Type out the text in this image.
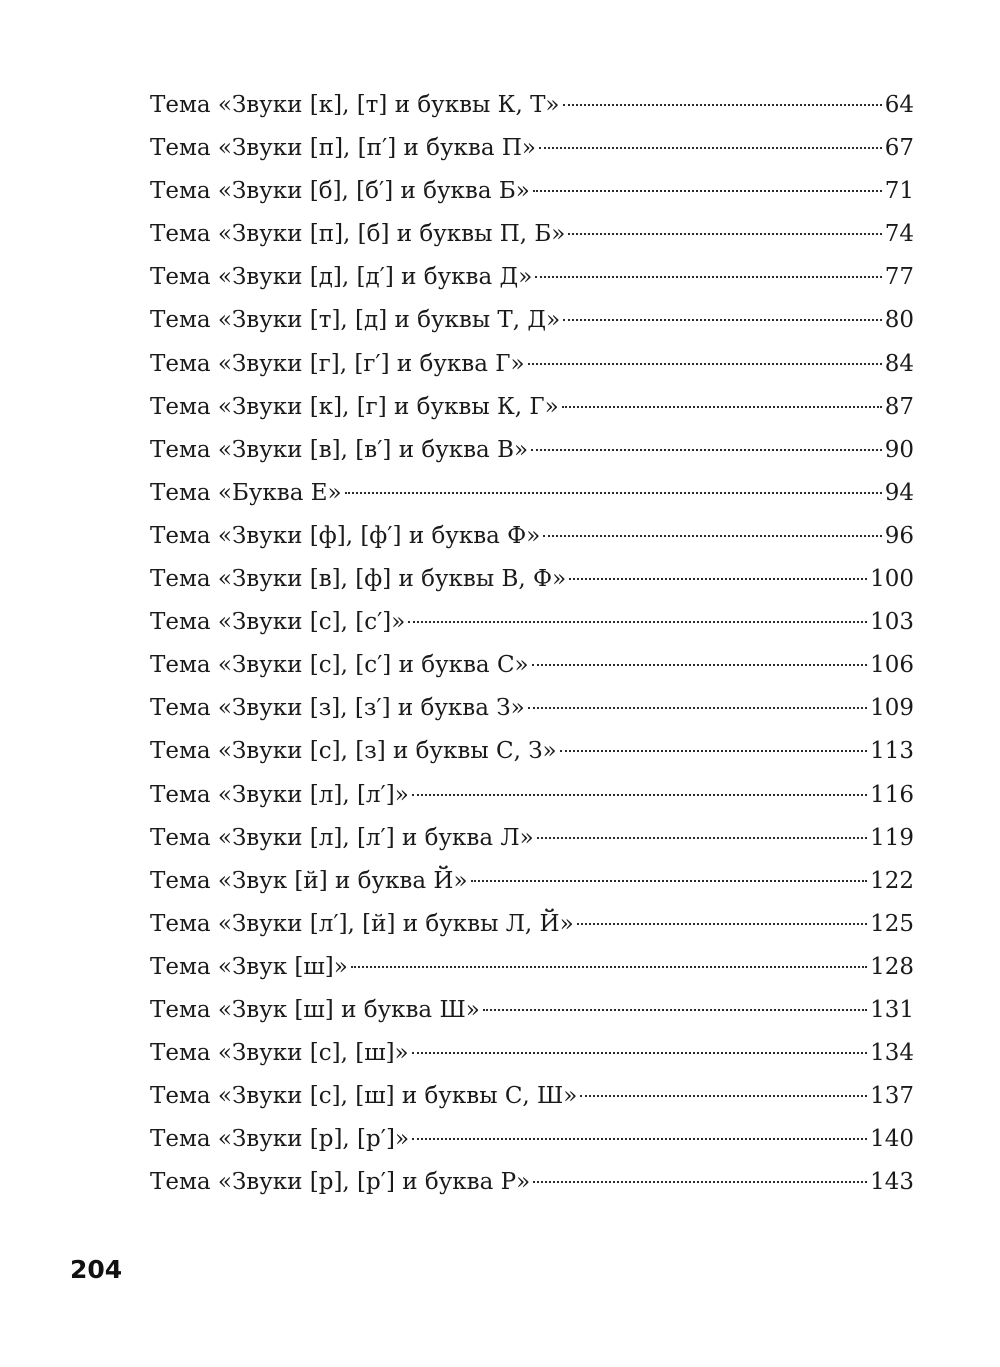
Тема «Звуки [к], [т] и буквы К, Т»	64
Тема «Звуки [п], [п′] и буква П»	67
Тема «Звуки [б], [б′] и буква Б»	71
Тема «Звуки [п], [б] и буквы П, Б»	74
Тема «Звуки [д], [д′] и буква Д»	77
Тема «Звуки [т], [д] и буквы Т, Д»	80
Тема «Звуки [г], [г′] и буква Г»	84
Тема «Звуки [к], [г] и буквы К, Г»	87
Тема «Звуки [в], [в′] и буква В»	90
Тема «Буква Е»	94
Тема «Звуки [ф], [ф′] и буква Ф»	96
Тема «Звуки [в], [ф] и буквы В, Ф»	100
Тема «Звуки [с], [с′]»	103
Тема «Звуки [с], [с′] и буква С»	106
Тема «Звуки [з], [з′] и буква З»	109
Тема «Звуки [с], [з] и буквы С, З»	113
Тема «Звуки [л], [л′]»	116
Тема «Звуки [л], [л′] и буква Л»	119
Тема «Звук [й] и буква Й»	122
Тема «Звуки [л′], [й] и буквы Л, Й»	125
Тема «Звук [ш]»	128
Тема «Звук [ш] и буква Ш»	131
Тема «Звуки [с], [ш]»	134
Тема «Звуки [с], [ш] и буквы С, Ш»	137
Тема «Звуки [р], [р′]»	140
Тема «Звуки [р], [р′] и буква Р»	143
204
